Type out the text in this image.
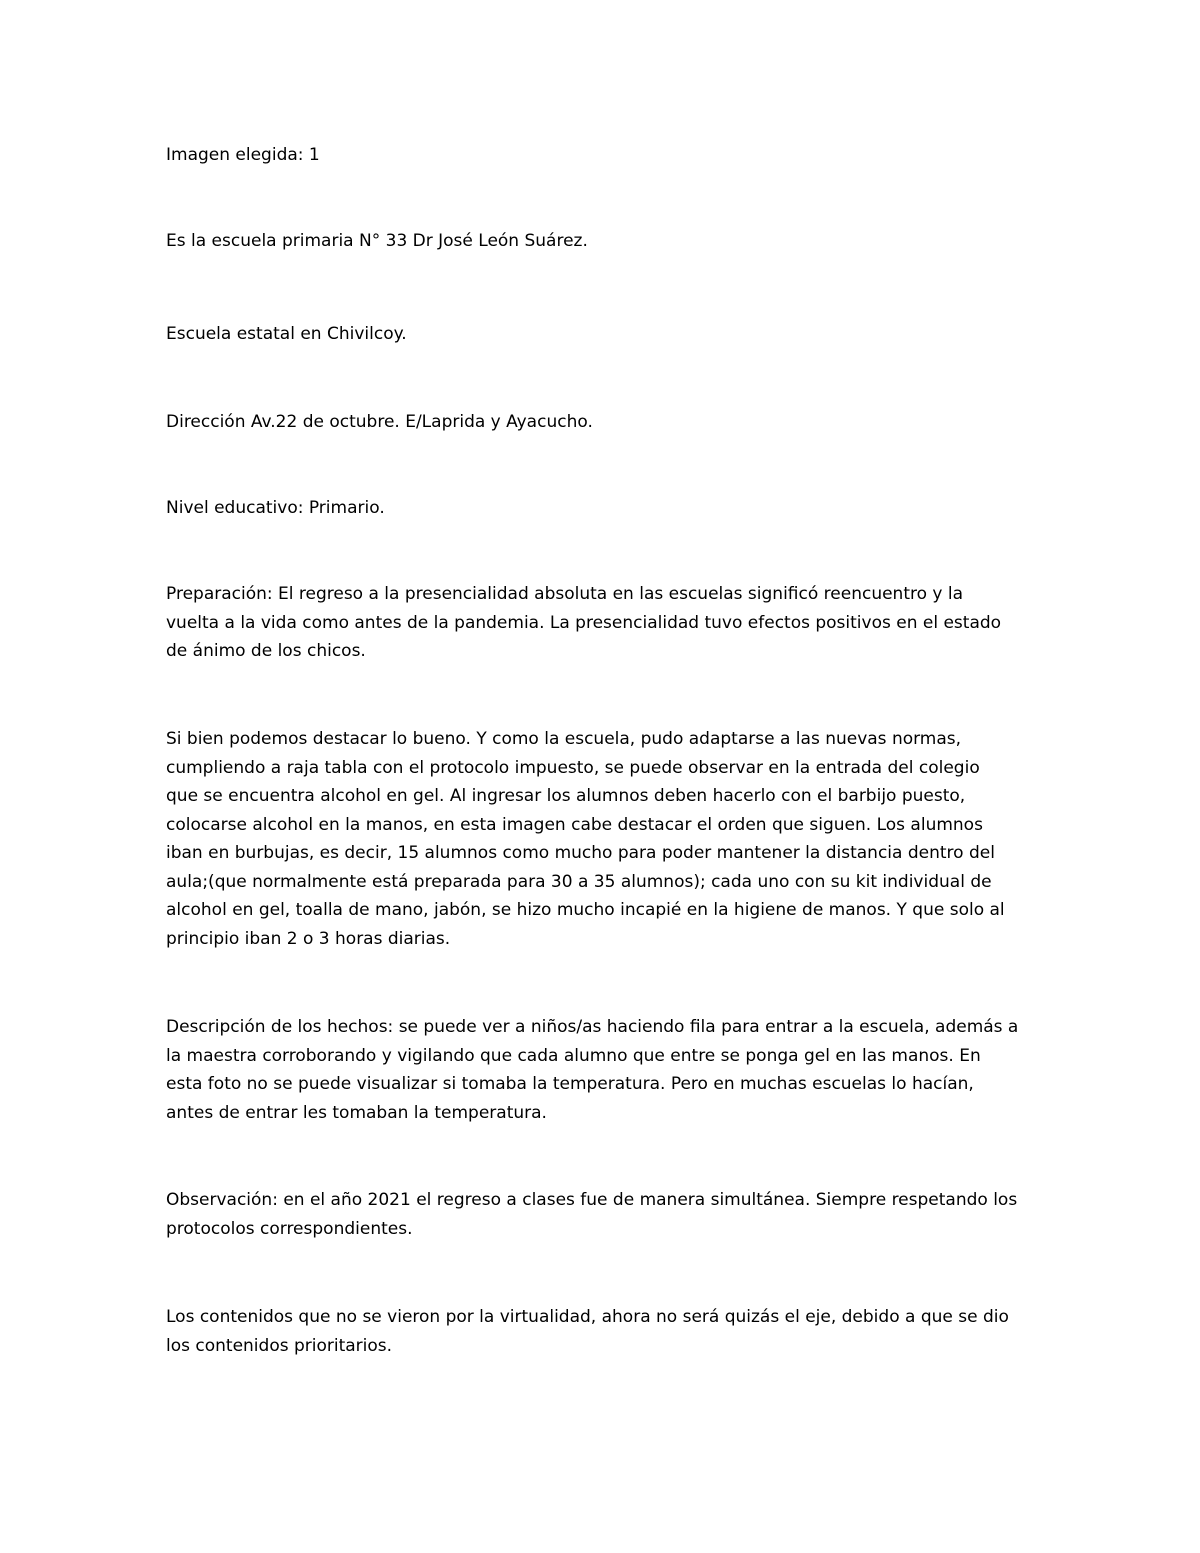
Imagen elegida: 1

Es la escuela primaria N° 33 Dr José León Suárez.

Escuela estatal en Chivilcoy.

Dirección Av.22 de octubre. E/Laprida y Ayacucho.

Nivel educativo: Primario.

Preparación: El regreso a la presencialidad absoluta en las escuelas significó reencuentro y la
vuelta a la vida como antes de la pandemia. La presencialidad tuvo efectos positivos en el estado
de ánimo de los chicos.

Si bien podemos destacar lo bueno. Y como la escuela, pudo adaptarse a las nuevas normas,
cumpliendo a raja tabla con el protocolo impuesto, se puede observar en la entrada del colegio
que se encuentra alcohol en gel. Al ingresar los alumnos deben hacerlo con el barbijo puesto,
colocarse alcohol en la manos, en esta imagen cabe destacar el orden que siguen. Los alumnos
iban en burbujas, es decir, 15 alumnos como mucho para poder mantener la distancia dentro del
aula;(que normalmente está preparada para 30 a 35 alumnos); cada uno con su kit individual de
alcohol en gel, toalla de mano, jabón, se hizo mucho incapié en la higiene de manos. Y que solo al
principio iban 2 o 3 horas diarias.

Descripción de los hechos: se puede ver a niños/as haciendo fila para entrar a la escuela, además a
la maestra corroborando y vigilando que cada alumno que entre se ponga gel en las manos. En
esta foto no se puede visualizar si tomaba la temperatura. Pero en muchas escuelas lo hacían,
antes de entrar les tomaban la temperatura.

Observación: en el año 2021 el regreso a clases fue de manera simultánea. Siempre respetando los
protocolos correspondientes.

Los contenidos que no se vieron por la virtualidad, ahora no será quizás el eje, debido a que se dio
los contenidos prioritarios.
